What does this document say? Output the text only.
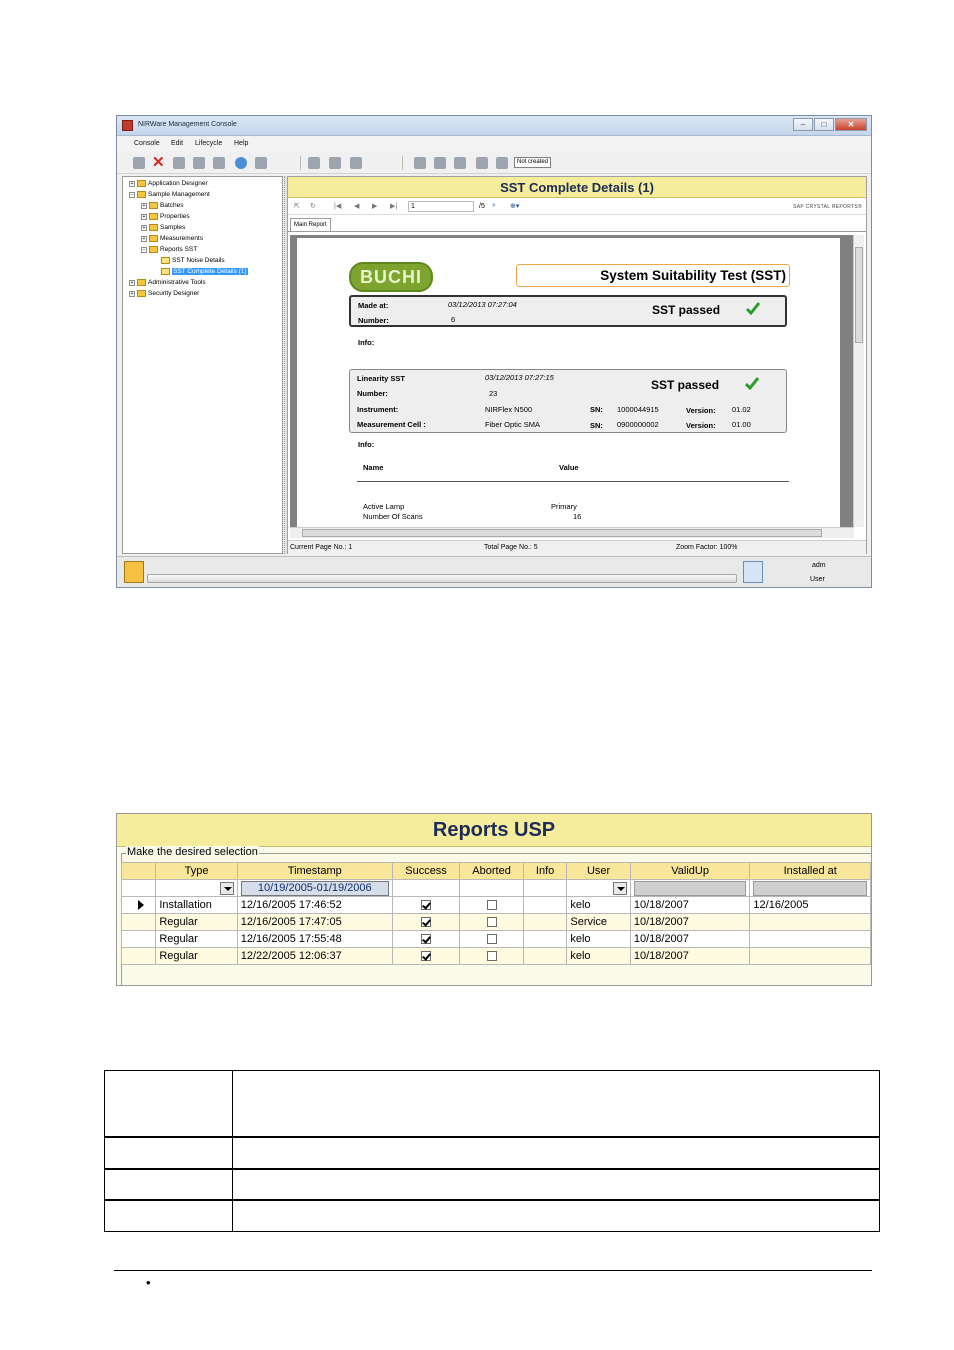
NIRWare Management Console	–	□	✕
Console Edit Lifecycle Help
✕	Not created
+ Application Designer
− Sample Management
+ Batches
+ Properties
+ Samples
+ Measurements
− Reports SST
SST Noise Details
SST Complete Details (1)
+ Administrative Tools
+ Security Designer
SST Complete Details (1)
⇱ ↻	|◀ ◀ ▶ ▶|	1	/5 ⌕ ⊕▾	SAP CRYSTAL REPORTS®
Main Report
BUCHI	System Suitability Test (SST)
Made at:	03/12/2013 07:27:04
Number:	6
SST passed
Info:
Linearity SST	03/12/2013 07:27:15
Number:	23
Instrument:	NIRFlex N500	SN: 1000044915	Version: 01.02
Measurement Cell :	Fiber Optic SMA	SN: 0900000002	Version: 01.00
SST passed
Info:
Name	Value
Active Lamp	Primary
Number Of Scans	16
Current Page No.: 1	Total Page No.: 5	Zoom Factor: 100%
adm
User
Reports USP
Make the desired selection
	Type	Timestamp	Success	Aborted	Info	User	ValidUp	Installed at
		10/19/2005-01/19/2006					

	Installation	12/16/2005 17:46:52				kelo	10/18/2007	12/16/2005
	Regular	12/16/2005 17:47:05				Service	10/18/2007	
	Regular	12/16/2005 17:55:48				kelo	10/18/2007	
	Regular	12/22/2005 12:06:37				kelo	10/18/2007	
•
